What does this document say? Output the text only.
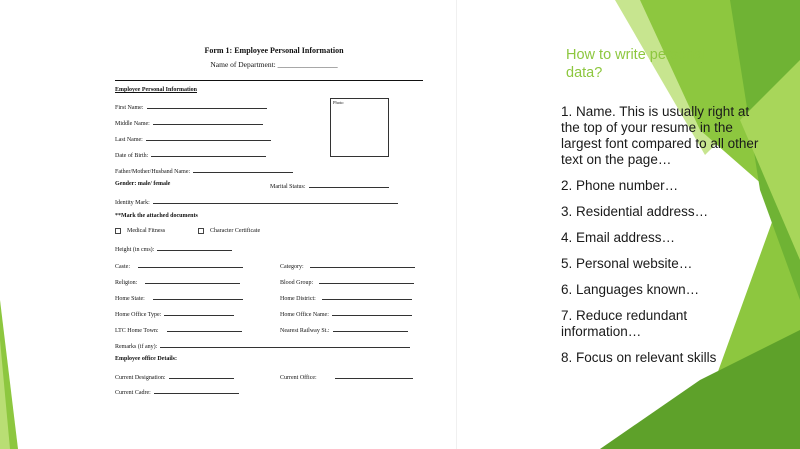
Form 1: Employee Personal Information
Name of Department: ________________
Employee Personal Information
First Name:
Middle Name:
Last Name:
Date of Birth:
Father/Mother/Husband Name:
Photo
Gender: male/ female	Marital Status:
Identity Mark:
**Mark the attached documents
Medical Fitness	Character Certificate
Height (in cms):
Caste:	Category:
Religion:	Blood Group:
Home State:	Home District:
Home Office Type:	Home Office Name:
LTC Home Town:	Nearest Railway St.:
Remarks (if any):
Employee office Details:
Current Designation:	Current Office:
Current Cadre:
How to write personal data?
1. Name. This is usually right at the top of your resume in the largest font compared to all other text on the page…
2. Phone number…
3. Residential address…
4. Email address…
5. Personal website…
6. Languages known…
7. Reduce redundant information…
8. Focus on relevant skills
